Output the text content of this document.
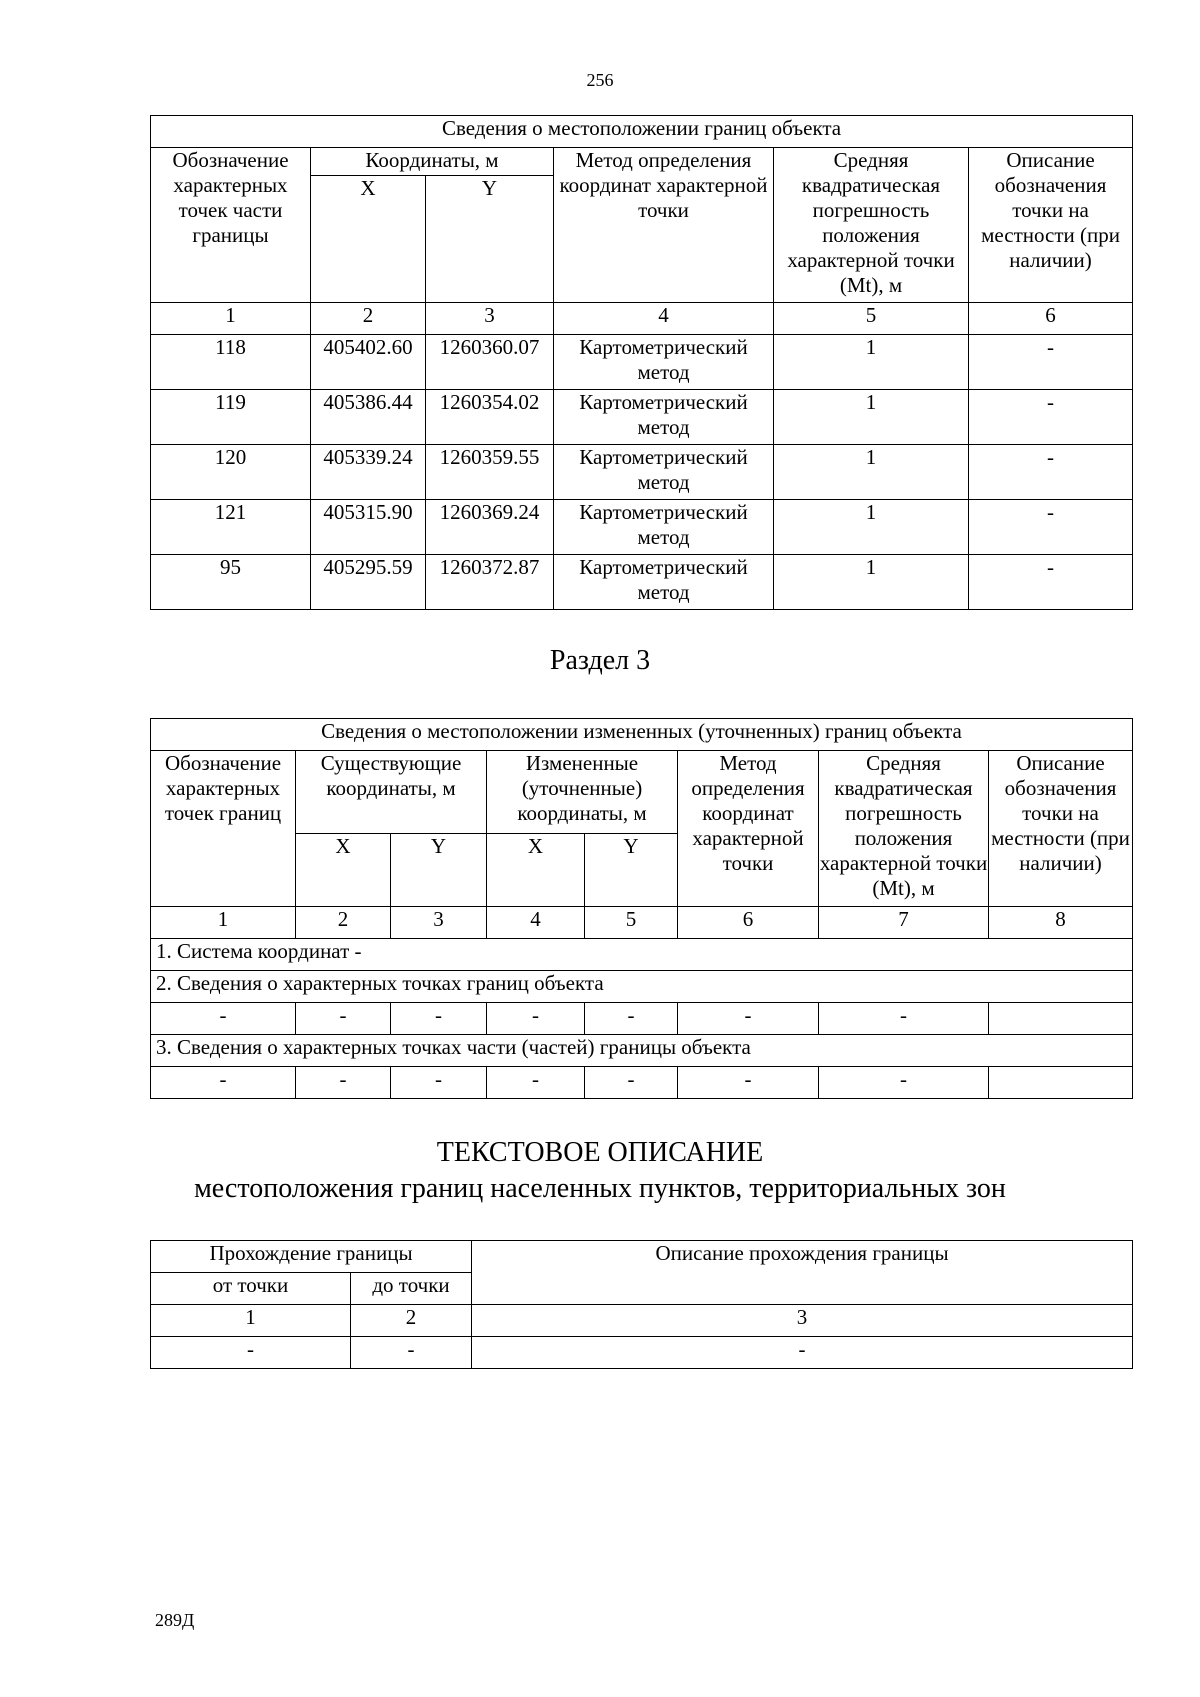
256
Сведения о местоположении границ объекта					
Обозначение характерных точек части границы	Координаты, м		Метод определения координат характерной точки	Средняя квадратическая погрешность положения характерной точки (Mt), м	Описание обозначения точки на местности (при наличии)
	X	Y			
1	2	3	4	5	6
118	405402.60	1260360.07	Картометрический метод	1	-
119	405386.44	1260354.02	Картометрический метод	1	-
120	405339.24	1260359.55	Картометрический метод	1	-
121	405315.90	1260369.24	Картометрический метод	1	-
95	405295.59	1260372.87	Картометрический метод	1	-
Раздел 3
Сведения о местоположении измененных (уточненных) границ объекта							
Обозначение характерных точек границ	Существующие координаты, м		Измененные (уточненные) координаты, м		Метод определения координат характерной точки	Средняя квадратическая погрешность положения характерной точки (Mt), м	Описание обозначения точки на местности (при наличии)
	X	Y	X	Y			
1	2	3	4	5	6	7	8
1. Система координат -							
2. Сведения о характерных точках границ объекта							
-	-	-	-	-	-	-	
3. Сведения о характерных точках части (частей) границы объекта							
-	-	-	-	-	-	-	
ТЕКСТОВОЕ ОПИСАНИЕ
местоположения границ населенных пунктов, территориальных зон
Прохождение границы		Описание прохождения границы
от точки	до точки	
1	2	3
-	-	-
289Д
